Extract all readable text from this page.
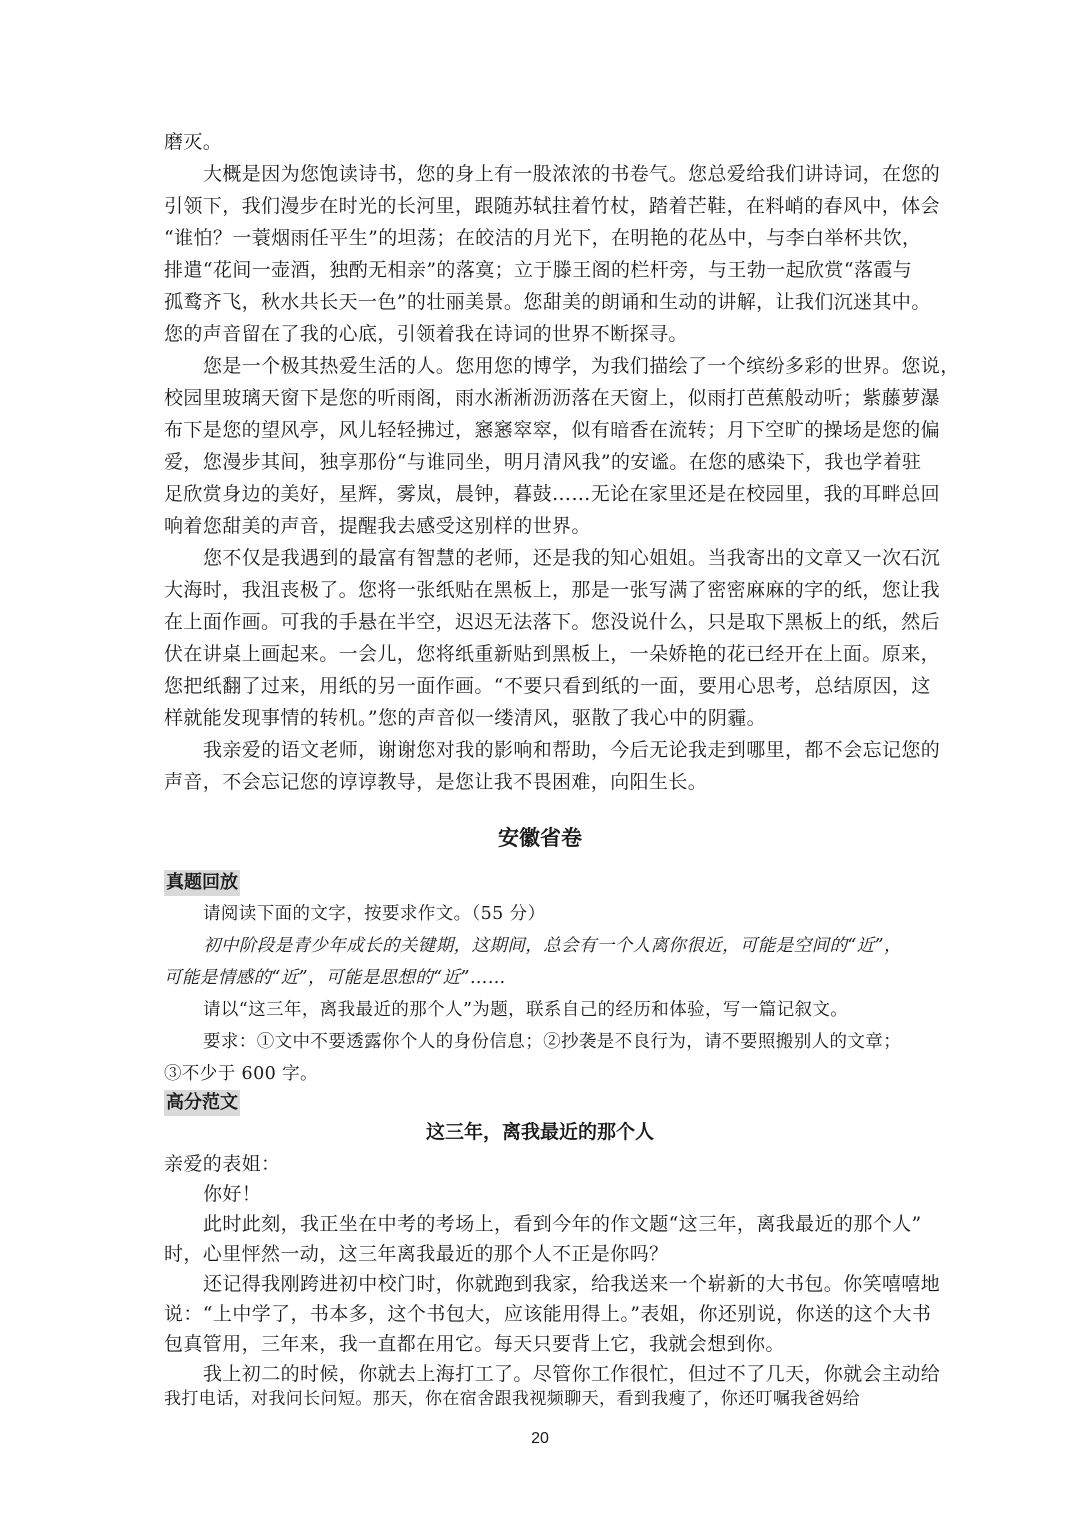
磨灭。
大概是因为您饱读诗书，您的身上有一股浓浓的书卷气。您总爱给我们讲诗词，在您的
引领下，我们漫步在时光的长河里，跟随苏轼拄着竹杖，踏着芒鞋，在料峭的春风中，体会
“谁怕？一蓑烟雨任平生”的坦荡；在皎洁的月光下，在明艳的花丛中，与李白举杯共饮，
排遣“花间一壶酒，独酌无相亲”的落寞；立于滕王阁的栏杆旁，与王勃一起欣赏“落霞与
孤鹜齐飞，秋水共长天一色”的壮丽美景。您甜美的朗诵和生动的讲解，让我们沉迷其中。
您的声音留在了我的心底，引领着我在诗词的世界不断探寻。
您是一个极其热爱生活的人。您用您的博学，为我们描绘了一个缤纷多彩的世界。您说，
校园里玻璃天窗下是您的听雨阁，雨水淅淅沥沥落在天窗上，似雨打芭蕉般动听；紫藤萝瀑
布下是您的望风亭，风儿轻轻拂过，窸窸窣窣，似有暗香在流转；月下空旷的操场是您的偏
爱，您漫步其间，独享那份“与谁同坐，明月清风我”的安谧。在您的感染下，我也学着驻
足欣赏身边的美好，星辉，雾岚，晨钟，暮鼓……无论在家里还是在校园里，我的耳畔总回
响着您甜美的声音，提醒我去感受这别样的世界。
您不仅是我遇到的最富有智慧的老师，还是我的知心姐姐。当我寄出的文章又一次石沉
大海时，我沮丧极了。您将一张纸贴在黑板上，那是一张写满了密密麻麻的字的纸，您让我
在上面作画。可我的手悬在半空，迟迟无法落下。您没说什么，只是取下黑板上的纸，然后
伏在讲桌上画起来。一会儿，您将纸重新贴到黑板上，一朵娇艳的花已经开在上面。原来，
您把纸翻了过来，用纸的另一面作画。“不要只看到纸的一面，要用心思考，总结原因，这
样就能发现事情的转机。”您的声音似一缕清风，驱散了我心中的阴霾。
我亲爱的语文老师，谢谢您对我的影响和帮助，今后无论我走到哪里，都不会忘记您的
声音，不会忘记您的谆谆教导，是您让我不畏困难，向阳生长。
安徽省卷
真题回放
请阅读下面的文字，按要求作文。（55 分）
初中阶段是青少年成长的关键期，这期间，总会有一个人离你很近，可能是空间的“近”，
可能是情感的“近”，可能是思想的“近”……
请以“这三年，离我最近的那个人”为题，联系自己的经历和体验，写一篇记叙文。
要求：①文中不要透露你个人的身份信息；②抄袭是不良行为，请不要照搬别人的文章；
③不少于 600 字。
高分范文
这三年，离我最近的那个人
亲爱的表姐：
你好！
此时此刻，我正坐在中考的考场上，看到今年的作文题“这三年，离我最近的那个人”
时，心里怦然一动，这三年离我最近的那个人不正是你吗？
还记得我刚跨进初中校门时，你就跑到我家，给我送来一个崭新的大书包。你笑嘻嘻地
说：“上中学了，书本多，这个书包大，应该能用得上。”表姐，你还别说，你送的这个大书
包真管用，三年来，我一直都在用它。每天只要背上它，我就会想到你。
我上初二的时候，你就去上海打工了。尽管你工作很忙，但过不了几天，你就会主动给
20
我打电话，对我问长问短。那天，你在宿舍跟我视频聊天，看到我瘦了，你还叮嘱我爸妈给
